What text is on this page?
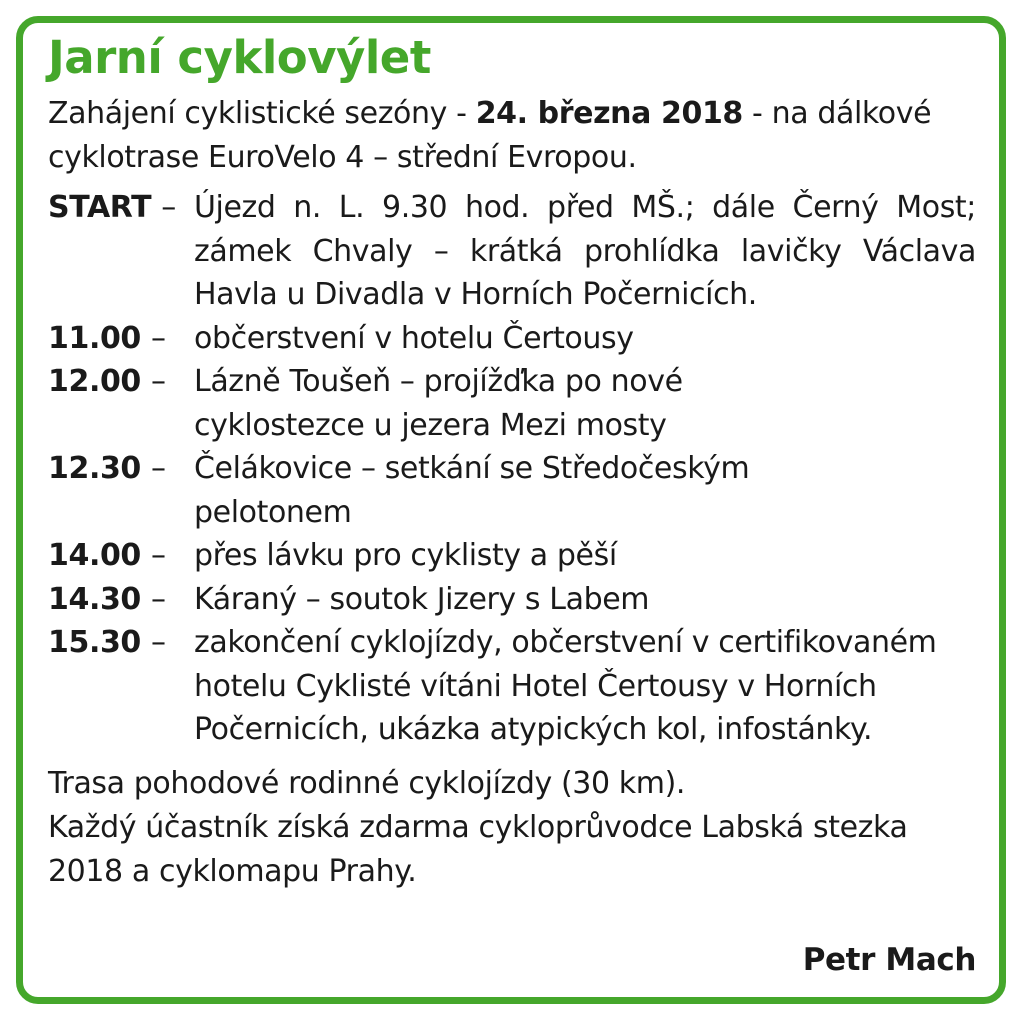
Jarní cyklovýlet

Zahájení cyklistické sezóny - 24. března 2018 - na dálkové cyklotrase EuroVelo 4 – střední Evropou.

START – Újezd n. L. 9.30 hod. před MŠ.; dále Černý Most; zámek Chvaly – krátká prohlídka lavičky Václava Havla u Divadla v Horních Počernicích.
11.00 – občerstvení v hotelu Čertousy
12.00 – Lázně Toušeň – projížďka po nové cyklostezce u jezera Mezi mosty
12.30 – Čelákovice – setkání se Středočeským pelotonem
14.00 – přes lávku pro cyklisty a pěší
14.30 – Káraný – soutok Jizery s Labem
15.30 – zakončení cyklojízdy, občerstvení v certifikovaném hotelu Cyklisté vítáni Hotel Čertousy v Horních Počernicích, ukázka atypických kol, infostánky.

Trasa pohodové rodinné cyklojízdy (30 km).
Každý účastník získá zdarma cykloprůvodce Labská stezka 2018 a cyklomapu Prahy.

Petr Mach
